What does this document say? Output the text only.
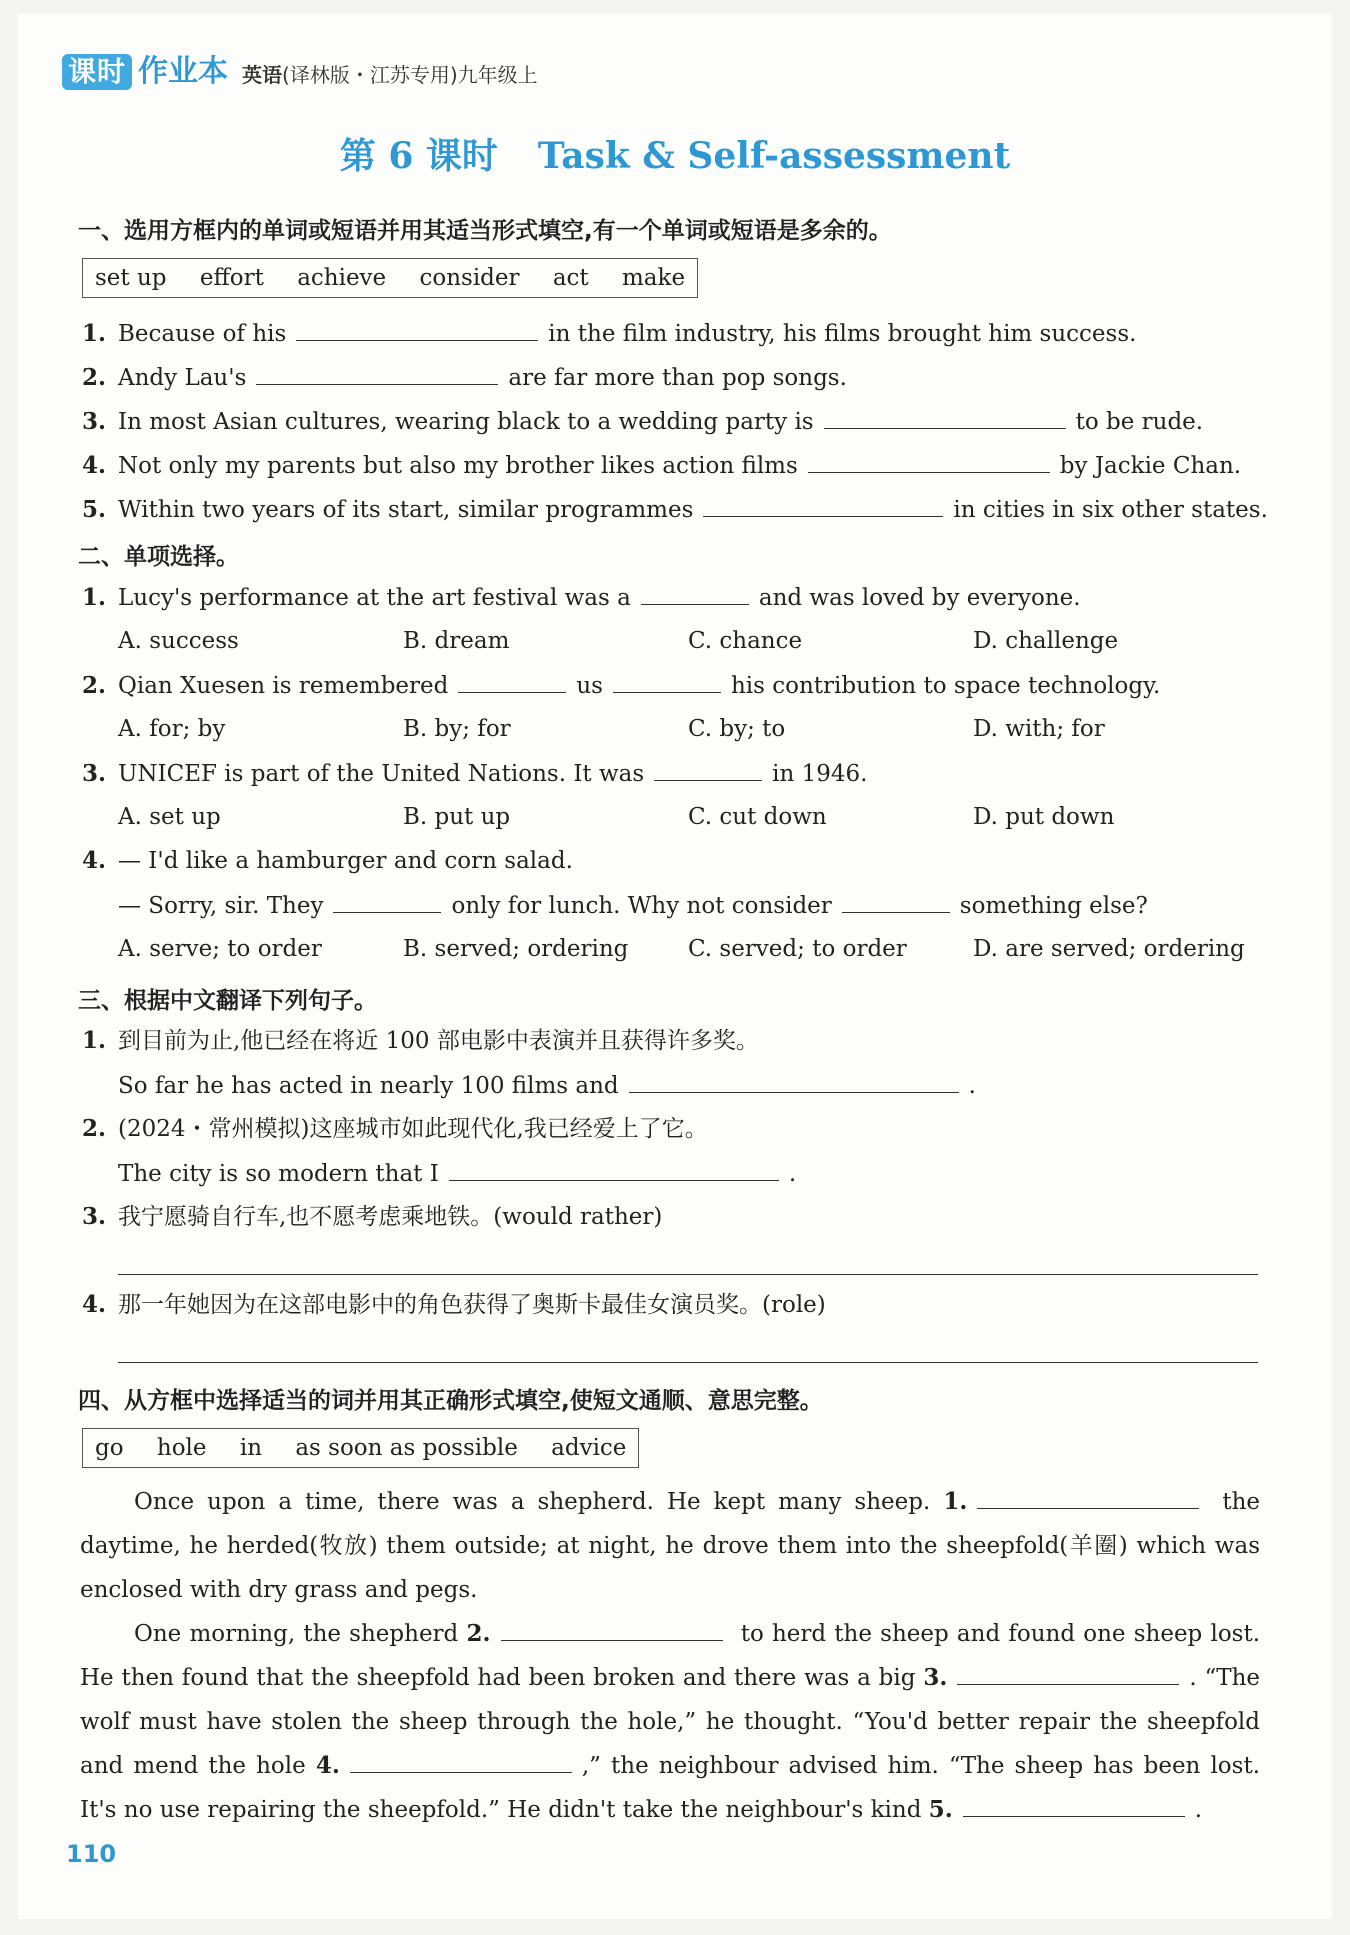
课时 作业本 英语(译林版・江苏专用)九年级上
第 6 课时 Task & Self-assessment
一、选用方框内的单词或短语并用其适当形式填空,有一个单词或短语是多余的。
set up effort achieve consider act make
1. Because of his	in the film industry, his films brought him success.
2. Andy Lau's	are far more than pop songs.
3. In most Asian cultures, wearing black to a wedding party is	to be rude.
4. Not only my parents but also my brother likes action films	by Jackie Chan.
5. Within two years of its start, similar programmes	in cities in six other states.
二、单项选择。
1. Lucy's performance at the art festival was a	and was loved by everyone.
A. success	B. dream	C. chance	D. challenge
2. Qian Xuesen is remembered	us	his contribution to space technology.
A. for; by	B. by; for	C. by; to	D. with; for
3. UNICEF is part of the United Nations. It was	in 1946.
A. set up	B. put up	C. cut down	D. put down
4. — I'd like a hamburger and corn salad.
— Sorry, sir. They	only for lunch. Why not consider	something else?
A. serve; to order	B. served; ordering	C. served; to order	D. are served; ordering
三、根据中文翻译下列句子。
1. 到目前为止,他已经在将近 100 部电影中表演并且获得许多奖。
So far he has acted in nearly 100 films and	.
2. (2024・常州模拟)这座城市如此现代化,我已经爱上了它。
The city is so modern that I	.
3. 我宁愿骑自行车,也不愿考虑乘地铁。(would rather)
4. 那一年她因为在这部电影中的角色获得了奥斯卡最佳女演员奖。(role)
四、从方框中选择适当的词并用其正确形式填空,使短文通顺、意思完整。
go hole in as soon as possible advice
Once upon a time, there was a shepherd. He kept many sheep. 1.	the daytime, he herded(牧放) them outside; at night, he drove them into the sheepfold(羊圈) which was enclosed with dry grass and pegs.
One morning, the shepherd 2.	to herd the sheep and found one sheep lost. He then found that the sheepfold had been broken and there was a big 3.	. “The wolf must have stolen the sheep through the hole,” he thought. “You'd better repair the sheepfold and mend the hole 4.	,” the neighbour advised him. “The sheep has been lost. It's no use repairing the sheepfold.” He didn't take the neighbour's kind 5.	.
110
